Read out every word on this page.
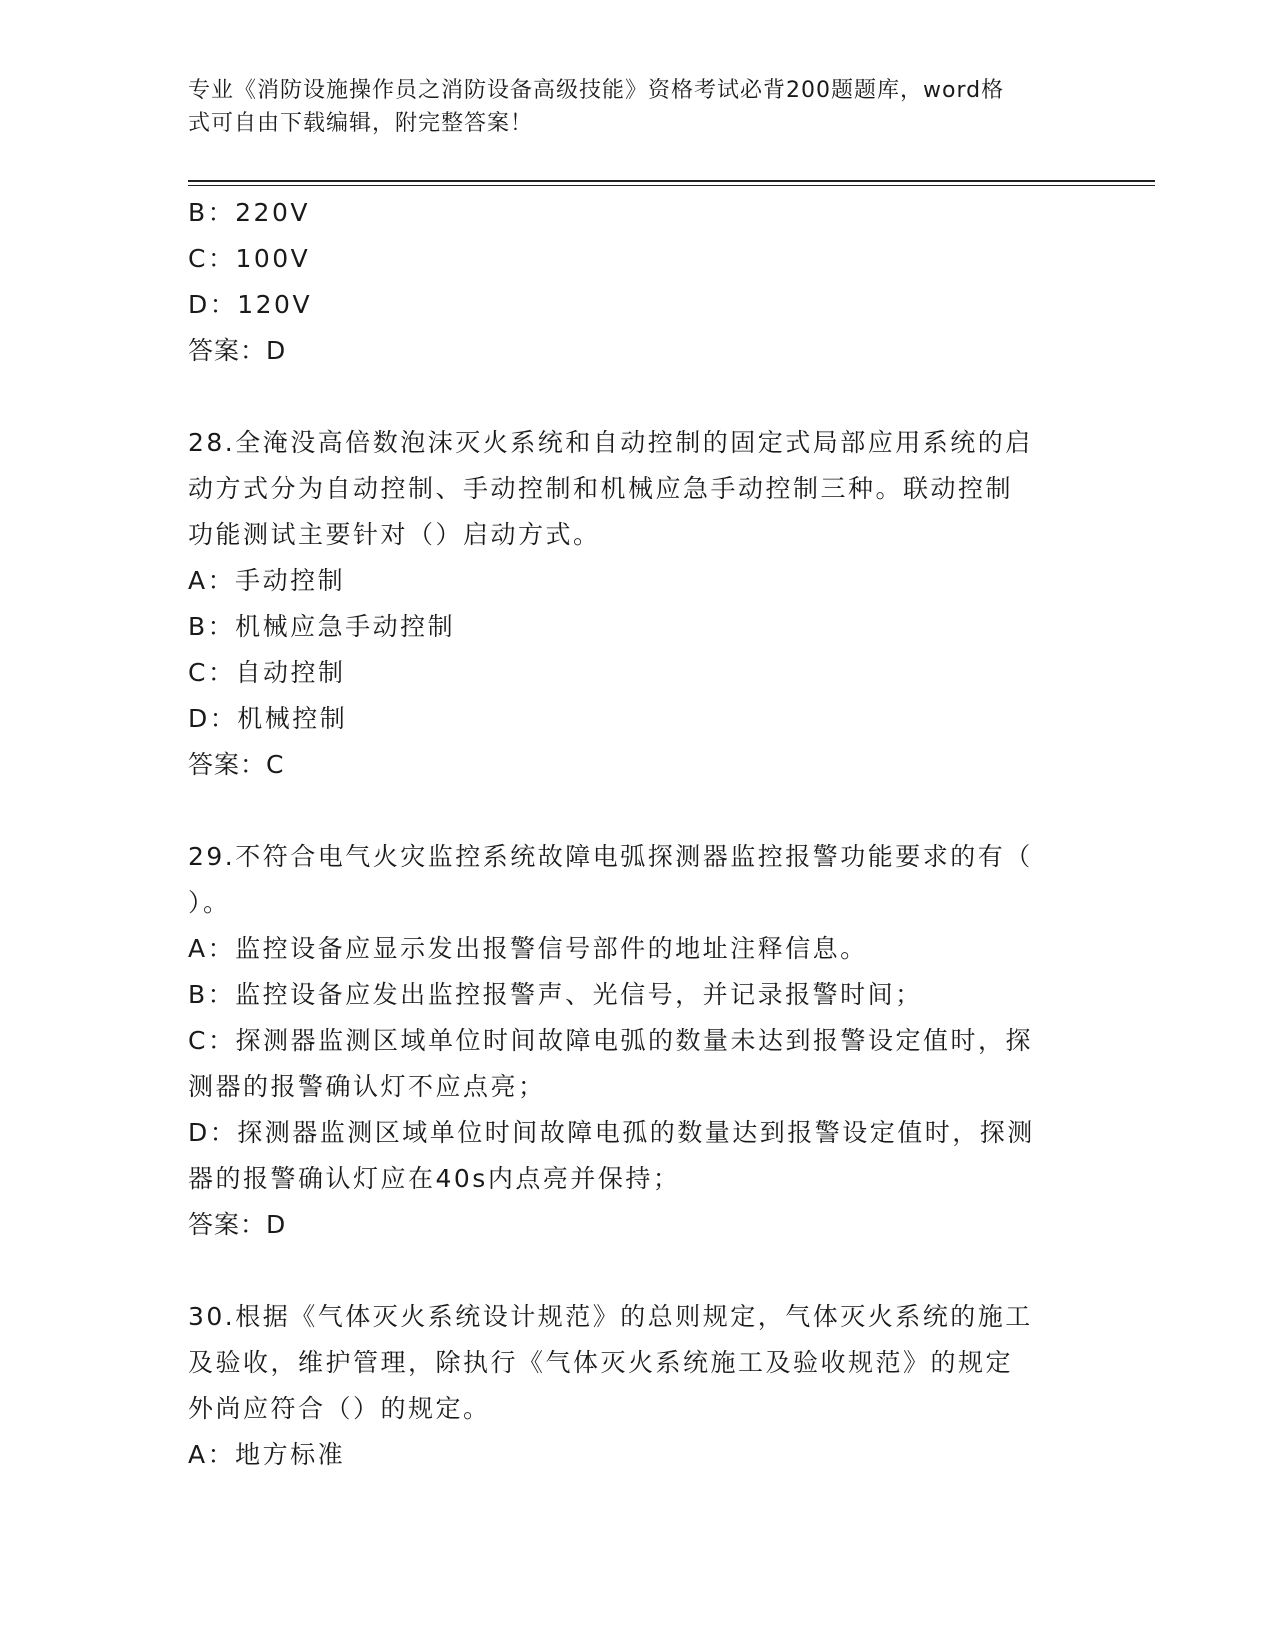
专业《消防设施操作员之消防设备高级技能》资格考试必背200题题库，word格
式可自由下载编辑，附完整答案！

B：220V

C：100V

D：120V

答案：D

28.全淹没高倍数泡沫灭火系统和自动控制的固定式局部应用系统的启

动方式分为自动控制、手动控制和机械应急手动控制三种。联动控制

功能测试主要针对（）启动方式。

A：手动控制

B：机械应急手动控制

C：自动控制

D：机械控制

答案：C

29.不符合电气火灾监控系统故障电弧探测器监控报警功能要求的有（

）。

A：监控设备应显示发出报警信号部件的地址注释信息。

B：监控设备应发出监控报警声、光信号，并记录报警时间；

C：探测器监测区域单位时间故障电弧的数量未达到报警设定值时，探

测器的报警确认灯不应点亮；

D：探测器监测区域单位时间故障电孤的数量达到报警设定值时，探测

器的报警确认灯应在40s内点亮并保持；

答案：D

30.根据《气体灭火系统设计规范》的总则规定，气体灭火系统的施工

及验收，维护管理，除执行《气体灭火系统施工及验收规范》的规定

外尚应符合（）的规定。

A：地方标准
